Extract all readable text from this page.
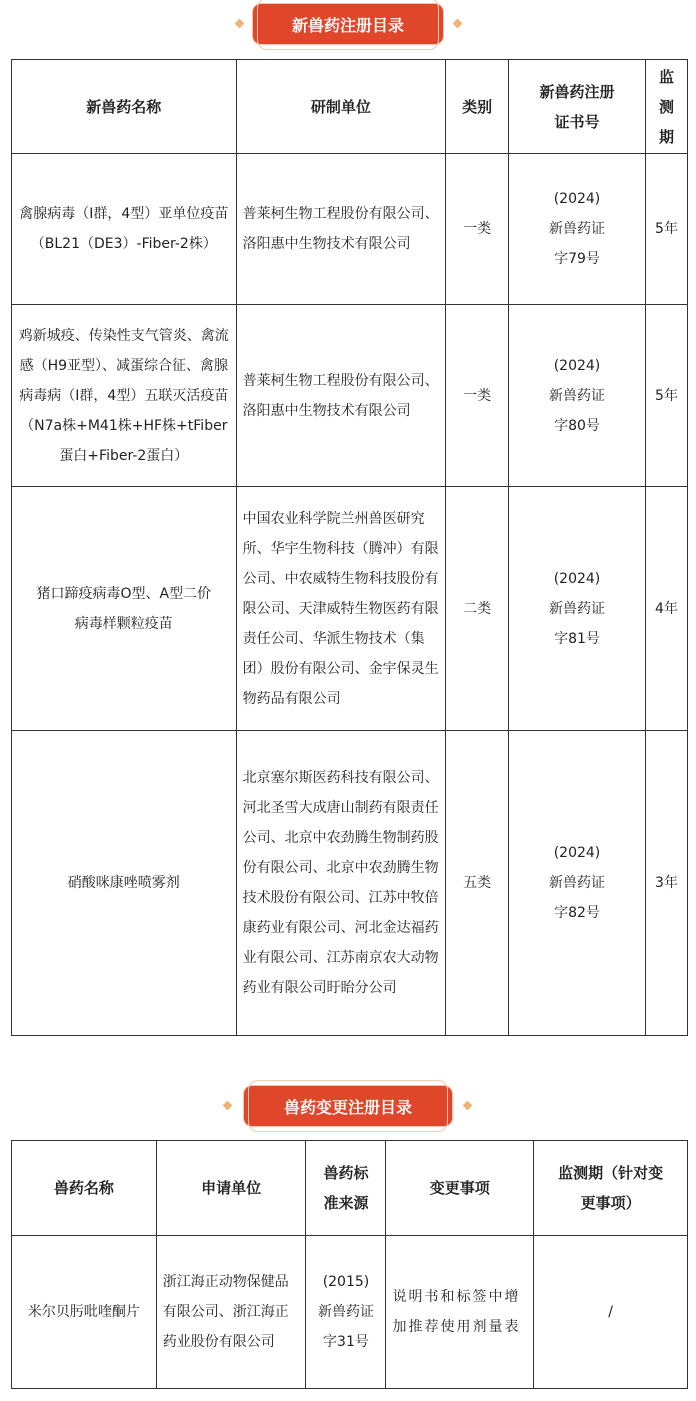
新兽药注册目录
新兽药名称	研制单位	类别	新兽药注册证书号	监测期
禽腺病毒（I群，4型）亚单位疫苗（BL21（DE3）-Fiber-2株）	普莱柯生物工程股份有限公司、洛阳惠中生物技术有限公司	一类	(2024)新兽药证字79号	5年
鸡新城疫、传染性支气管炎、禽流感（H9亚型）、减蛋综合征、禽腺病毒病（I群，4型）五联灭活疫苗（N7a株+M41株+HF株+tFiber蛋白+Fiber-2蛋白）	普莱柯生物工程股份有限公司、洛阳惠中生物技术有限公司	一类	(2024)新兽药证字80号	5年
猪口蹄疫病毒O型、A型二价病毒样颗粒疫苗	中国农业科学院兰州兽医研究所、华宇生物科技（腾冲）有限公司、中农威特生物科技股份有限公司、天津威特生物医药有限责任公司、华派生物技术（集团）股份有限公司、金宇保灵生物药品有限公司	二类	(2024)新兽药证字81号	4年
硝酸咪康唑喷雾剂	北京塞尔斯医药科技有限公司、河北圣雪大成唐山制药有限责任公司、北京中农劲腾生物制药股份有限公司、北京中农劲腾生物技术股份有限公司、江苏中牧倍康药业有限公司、河北金达福药业有限公司、江苏南京农大动物药业有限公司盱眙分公司	五类	(2024)新兽药证字82号	3年
兽药变更注册目录
兽药名称	申请单位	兽药标准来源	变更事项	监测期（针对变更事项）
米尔贝肟吡喹酮片	浙江海正动物保健品有限公司、浙江海正药业股份有限公司	(2015)新兽药证字31号	说明书和标签中增加推荐使用剂量表	/
